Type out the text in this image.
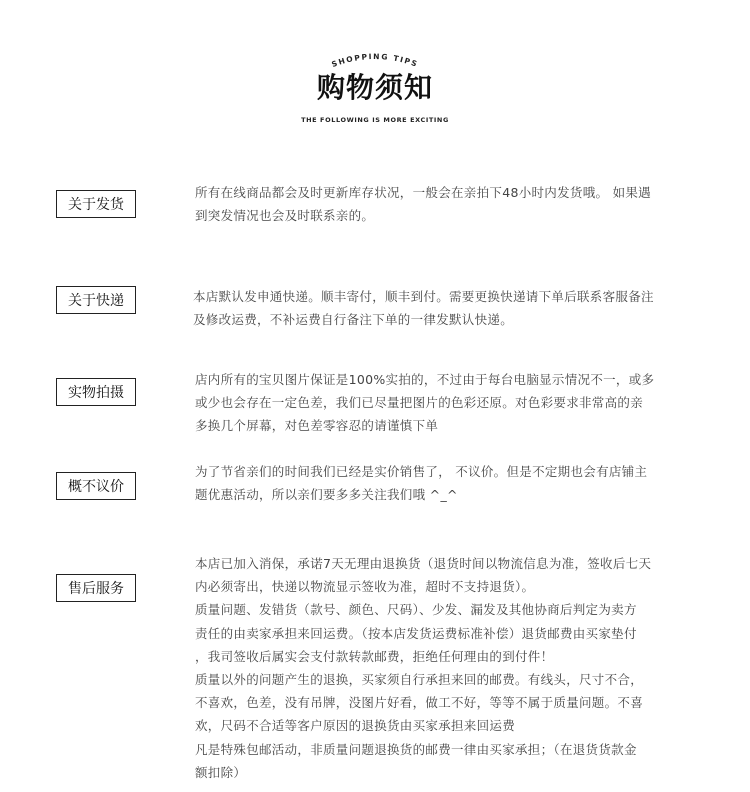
SHOPPING TIPS
购物须知
THE FOLLOWING IS MORE EXCITING
关于发货

所有在线商品都会及时更新库存状况，一般会在亲拍下48小时内发货哦。 如果遇

到突发情况也会及时联系亲的。

关于快递	本店默认发申通快递。顺丰寄付，顺丰到付。需要更换快递请下单后联系客服备注

及修改运费，不补运费自行备注下单的一律发默认快递。

实物拍摄

店内所有的宝贝图片保证是100%实拍的，不过由于每台电脑显示情况不一，或多

或少也会存在一定色差，我们已尽量把图片的色彩还原。对色彩要求非常高的亲

多换几个屏幕，对色差零容忍的请谨慎下单

概不议价

为了节省亲们的时间我们已经是实价销售了， 不议价。但是不定期也会有店铺主

题优惠活动，所以亲们要多多关注我们哦 ^_^

售后服务

本店已加入消保，承诺7天无理由退换货（退货时间以物流信息为准，签收后七天

内必须寄出，快递以物流显示签收为准，超时不支持退货）。

质量问题、发错货（款号、颜色、尺码）、少发、漏发及其他协商后判定为卖方

责任的由卖家承担来回运费。（按本店发货运费标准补偿）退货邮费由买家垫付

，我司签收后属实会支付款转款邮费，拒绝任何理由的到付件！

质量以外的问题产生的退换，买家须自行承担来回的邮费。有线头，尺寸不合，

不喜欢，色差，没有吊牌，没图片好看，做工不好，等等不属于质量问题。不喜

欢，尺码不合适等客户原因的退换货由买家承担来回运费

凡是特殊包邮活动，非质量问题退换货的邮费一律由买家承担；（在退货货款金

额扣除）
